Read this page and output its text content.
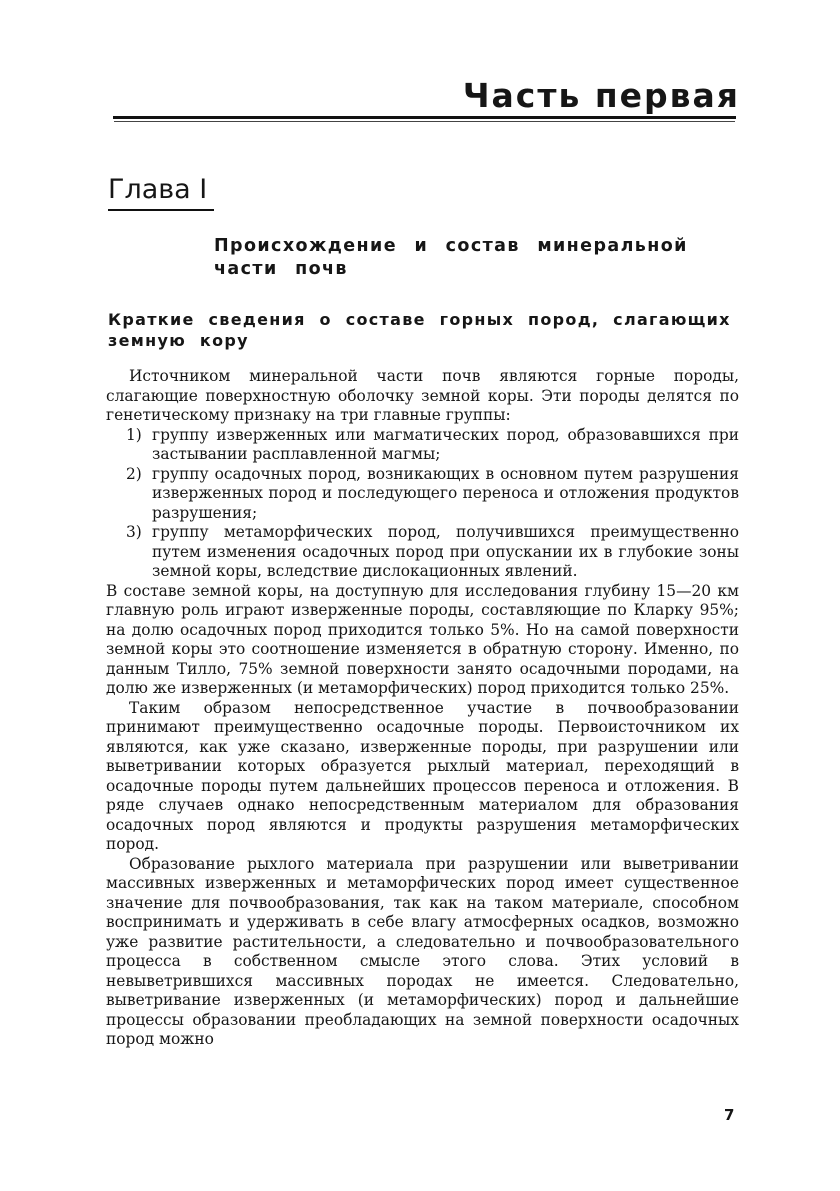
Часть первая
Глава I
Происхождение и состав минеральной части почв
Краткие сведения о составе горных пород, слагающих земную кору

Источником минеральной части почв являются горные породы, слагающие поверхностную оболочку земной коры. Эти породы делятся по генетическому признаку на три главные группы:

1) группу изверженных или магматических пород, образовавшихся при застывании расплавленной магмы;
2) группу осадочных пород, возникающих в основном путем разрушения изверженных пород и последующего переноса и отложения продуктов разрушения;
3) группу метаморфических пород, получившихся преимущественно путем изменения осадочных пород при опускании их в глубокие зоны земной коры, вследствие дислокационных явлений.

В составе земной коры, на доступную для исследования глубину 15—20 км главную роль играют изверженные породы, составляющие по Кларку 95%; на долю осадочных пород приходится только 5%. Но на самой поверхности земной коры это соотношение изменяется в обратную сторону. Именно, по данным Тилло, 75% земной поверхности занято осадочными породами, на долю же изверженных (и метаморфических) пород приходится только 25%.

Таким образом непосредственное участие в почвообразовании принимают преимущественно осадочные породы. Первоисточником их являются, как уже сказано, изверженные породы, при разрушении или выветривании которых образуется рыхлый материал, переходящий в осадочные породы путем дальнейших процессов переноса и отложения. В ряде случаев однако непосредственным материалом для образования осадочных пород являются и продукты разрушения метаморфических пород.

Образование рыхлого материала при разрушении или выветривании массивных изверженных и метаморфических пород имеет существенное значение для почвообразования, так как на таком материале, способном воспринимать и удерживать в себе влагу атмосферных осадков, возможно уже развитие растительности, а следовательно и почвообразовательного процесса в собственном смысле этого слова. Этих условий в невыветрившихся массивных породах не имеется. Следовательно, выветривание изверженных (и метаморфических) пород и дальнейшие процессы образовании преобладающих на земной поверхности осадочных пород можно

7
